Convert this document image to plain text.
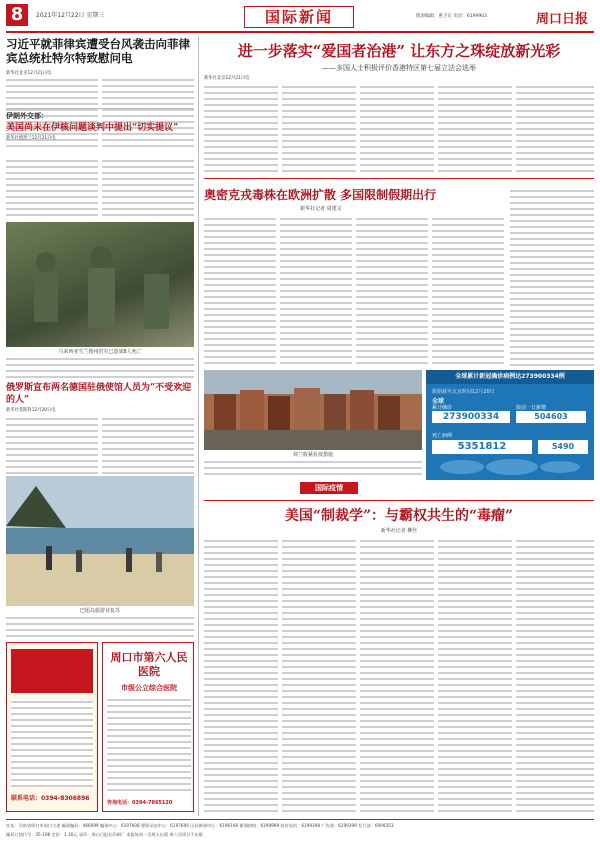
8	2021年12月22日 星期三	国际新闻	版面编辑：惠卫东 电话：6199903	周口日报
习近平就菲律宾遭受台风袭击向菲律宾总统杜特尔特致慰问电
新华社北京12月21日电
伊朗外交部：
美国尚未在伊核问题谈判中提出“切实提议”
新华社德黑兰12月21日电
马来西亚雪兰莪州洪灾已造成8人死亡
俄罗斯宣布两名德国驻俄使馆人员为“不受欢迎的人”
新华社莫斯科12月20日电
巴厘岛旅游业复苏
联系电话：0394-8306896
周口市第六人民医院
市级公立综合医院
咨询电话：0394-7865120
进一步落实“爱国者治港” 让东方之珠绽放新光彩
——多国人士积极评价香港特区第七届立法会选举
新华社北京12月21日电
奥密克戎毒株在欧洲扩散 多国限制假期出行
新华社记者 周建义
荷兰收紧抗疫措施
国际疫情
全球累计新冠确诊病例达273900334例
数据截至北京时间12月20日
全球
累计确诊
273900334
较前一日新增
504603
死亡病例
5351812	5490
美国“制裁学”：与霸权共生的“毒瘤”
新华社记者 柳丝
社址：河南省周口市周口大道 邮政编码：466099 编务中心：6197608 要闻采访中心：6197606 区县新闻中心：6196166 新闻热线：6199999 投诉电话：6199398 广告部：6199399 发行部：6099353
邮局订阅代号：35-108 定价：1.30元 承印：周口日报社印刷厂 本报每周一至周五出版 周六至周日不出版
